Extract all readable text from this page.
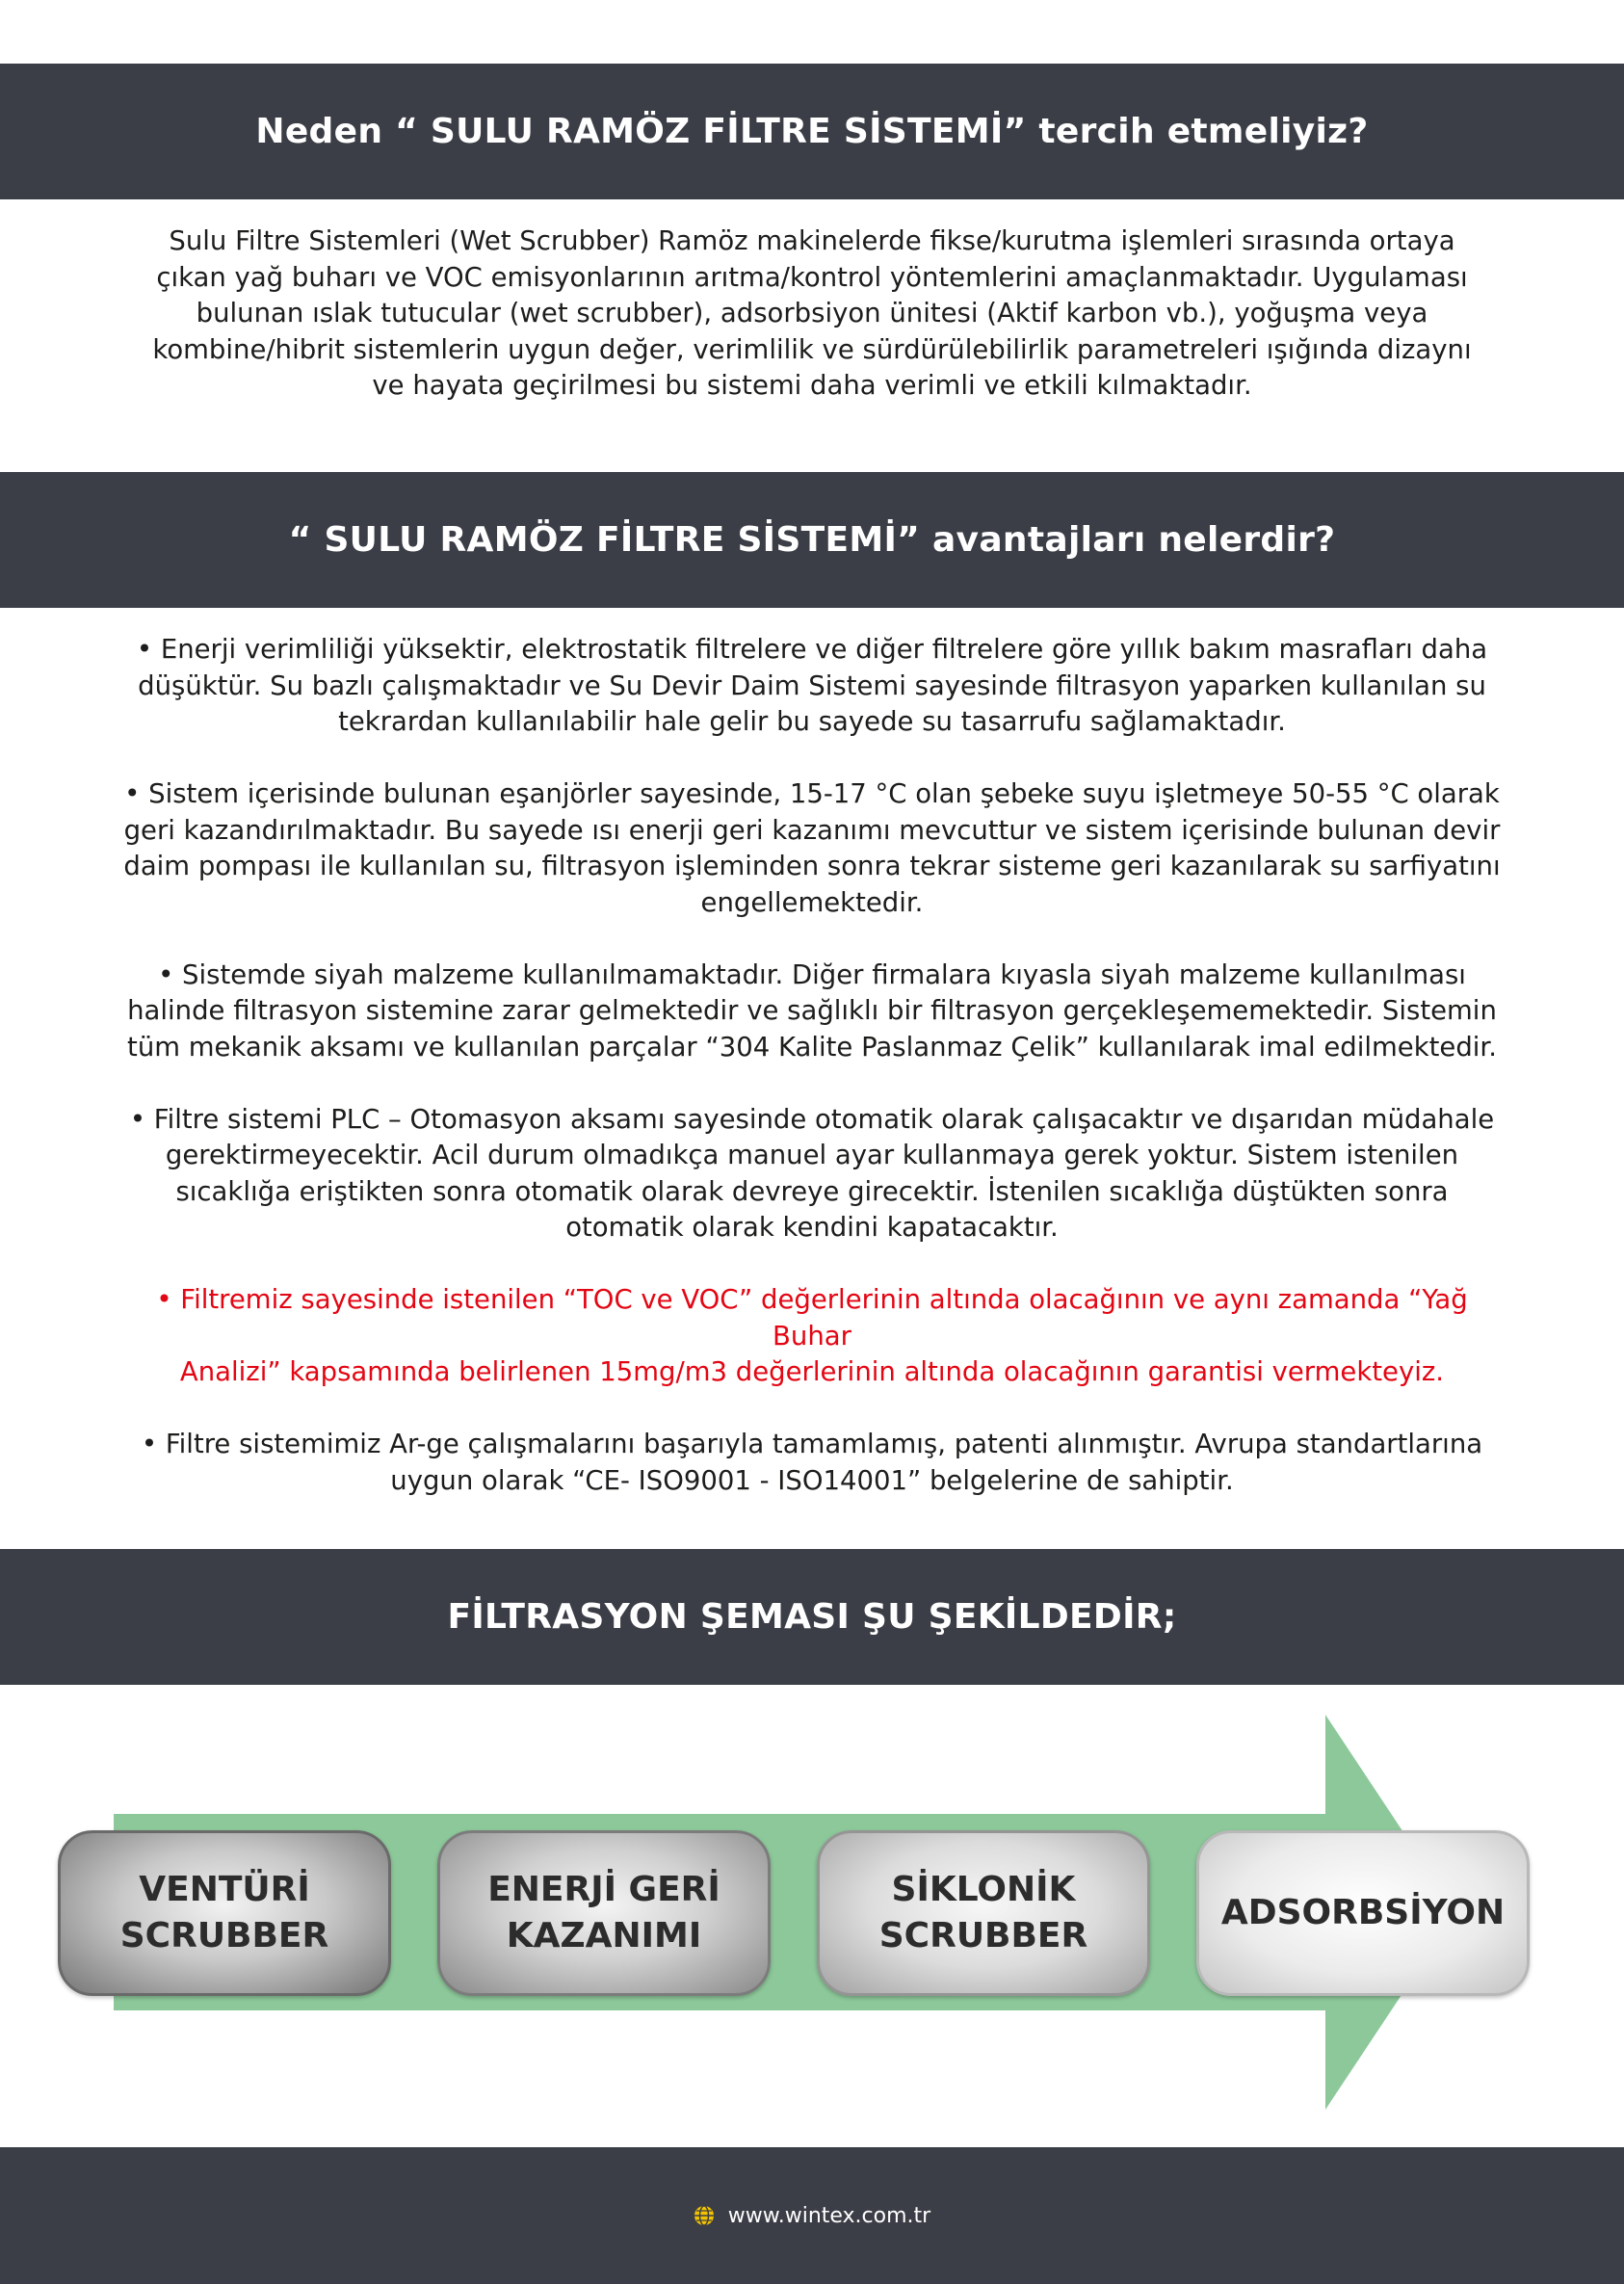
Neden “ SULU RAMÖZ FİLTRE SİSTEMİ” tercih etmeliyiz?

Sulu Filtre Sistemleri (Wet Scrubber) Ramöz makinelerde fikse/kurutma işlemleri sırasında ortaya
çıkan yağ buharı ve VOC emisyonlarının arıtma/kontrol yöntemlerini amaçlanmaktadır. Uygulaması
bulunan ıslak tutucular (wet scrubber), adsorbsiyon ünitesi (Aktif karbon vb.), yoğuşma veya
kombine/hibrit sistemlerin uygun değer, verimlilik ve sürdürülebilirlik parametreleri ışığında dizaynı
ve hayata geçirilmesi bu sistemi daha verimli ve etkili kılmaktadır.

“ SULU RAMÖZ FİLTRE SİSTEMİ” avantajları nelerdir?

• Enerji verimliliği yüksektir, elektrostatik filtrelere ve diğer filtrelere göre yıllık bakım masrafları daha
düşüktür. Su bazlı çalışmaktadır ve Su Devir Daim Sistemi sayesinde filtrasyon yaparken kullanılan su
tekrardan kullanılabilir hale gelir bu sayede su tasarrufu sağlamaktadır.

• Sistem içerisinde bulunan eşanjörler sayesinde, 15-17 °C olan şebeke suyu işletmeye 50-55 °C olarak
geri kazandırılmaktadır. Bu sayede ısı enerji geri kazanımı mevcuttur ve sistem içerisinde bulunan devir
daim pompası ile kullanılan su, filtrasyon işleminden sonra tekrar sisteme geri kazanılarak su sarfiyatını
engellemektedir.

• Sistemde siyah malzeme kullanılmamaktadır. Diğer firmalara kıyasla siyah malzeme kullanılması
halinde filtrasyon sistemine zarar gelmektedir ve sağlıklı bir filtrasyon gerçekleşememektedir. Sistemin
tüm mekanik aksamı ve kullanılan parçalar “304 Kalite Paslanmaz Çelik” kullanılarak imal edilmektedir.

• Filtre sistemi PLC – Otomasyon aksamı sayesinde otomatik olarak çalışacaktır ve dışarıdan müdahale
gerektirmeyecektir. Acil durum olmadıkça manuel ayar kullanmaya gerek yoktur. Sistem istenilen
sıcaklığa eriştikten sonra otomatik olarak devreye girecektir. İstenilen sıcaklığa düştükten sonra
otomatik olarak kendini kapatacaktır.

• Filtremiz sayesinde istenilen “TOC ve VOC” değerlerinin altında olacağının ve aynı zamanda “Yağ Buhar
Analizi” kapsamında belirlenen 15mg/m3 değerlerinin altında olacağının garantisi vermekteyiz.

• Filtre sistemimiz Ar-ge çalışmalarını başarıyla tamamlamış, patenti alınmıştır. Avrupa standartlarına
uygun olarak “CE- ISO9001 - ISO14001” belgelerine de sahiptir.

FİLTRASYON ŞEMASI ŞU ŞEKİLDEDİR;
VENTÜRİ
SCRUBBER
ENERJİ GERİ
KAZANIMI
SİKLONİK
SCRUBBER
ADSORBSİYON
www.wintex.com.tr
